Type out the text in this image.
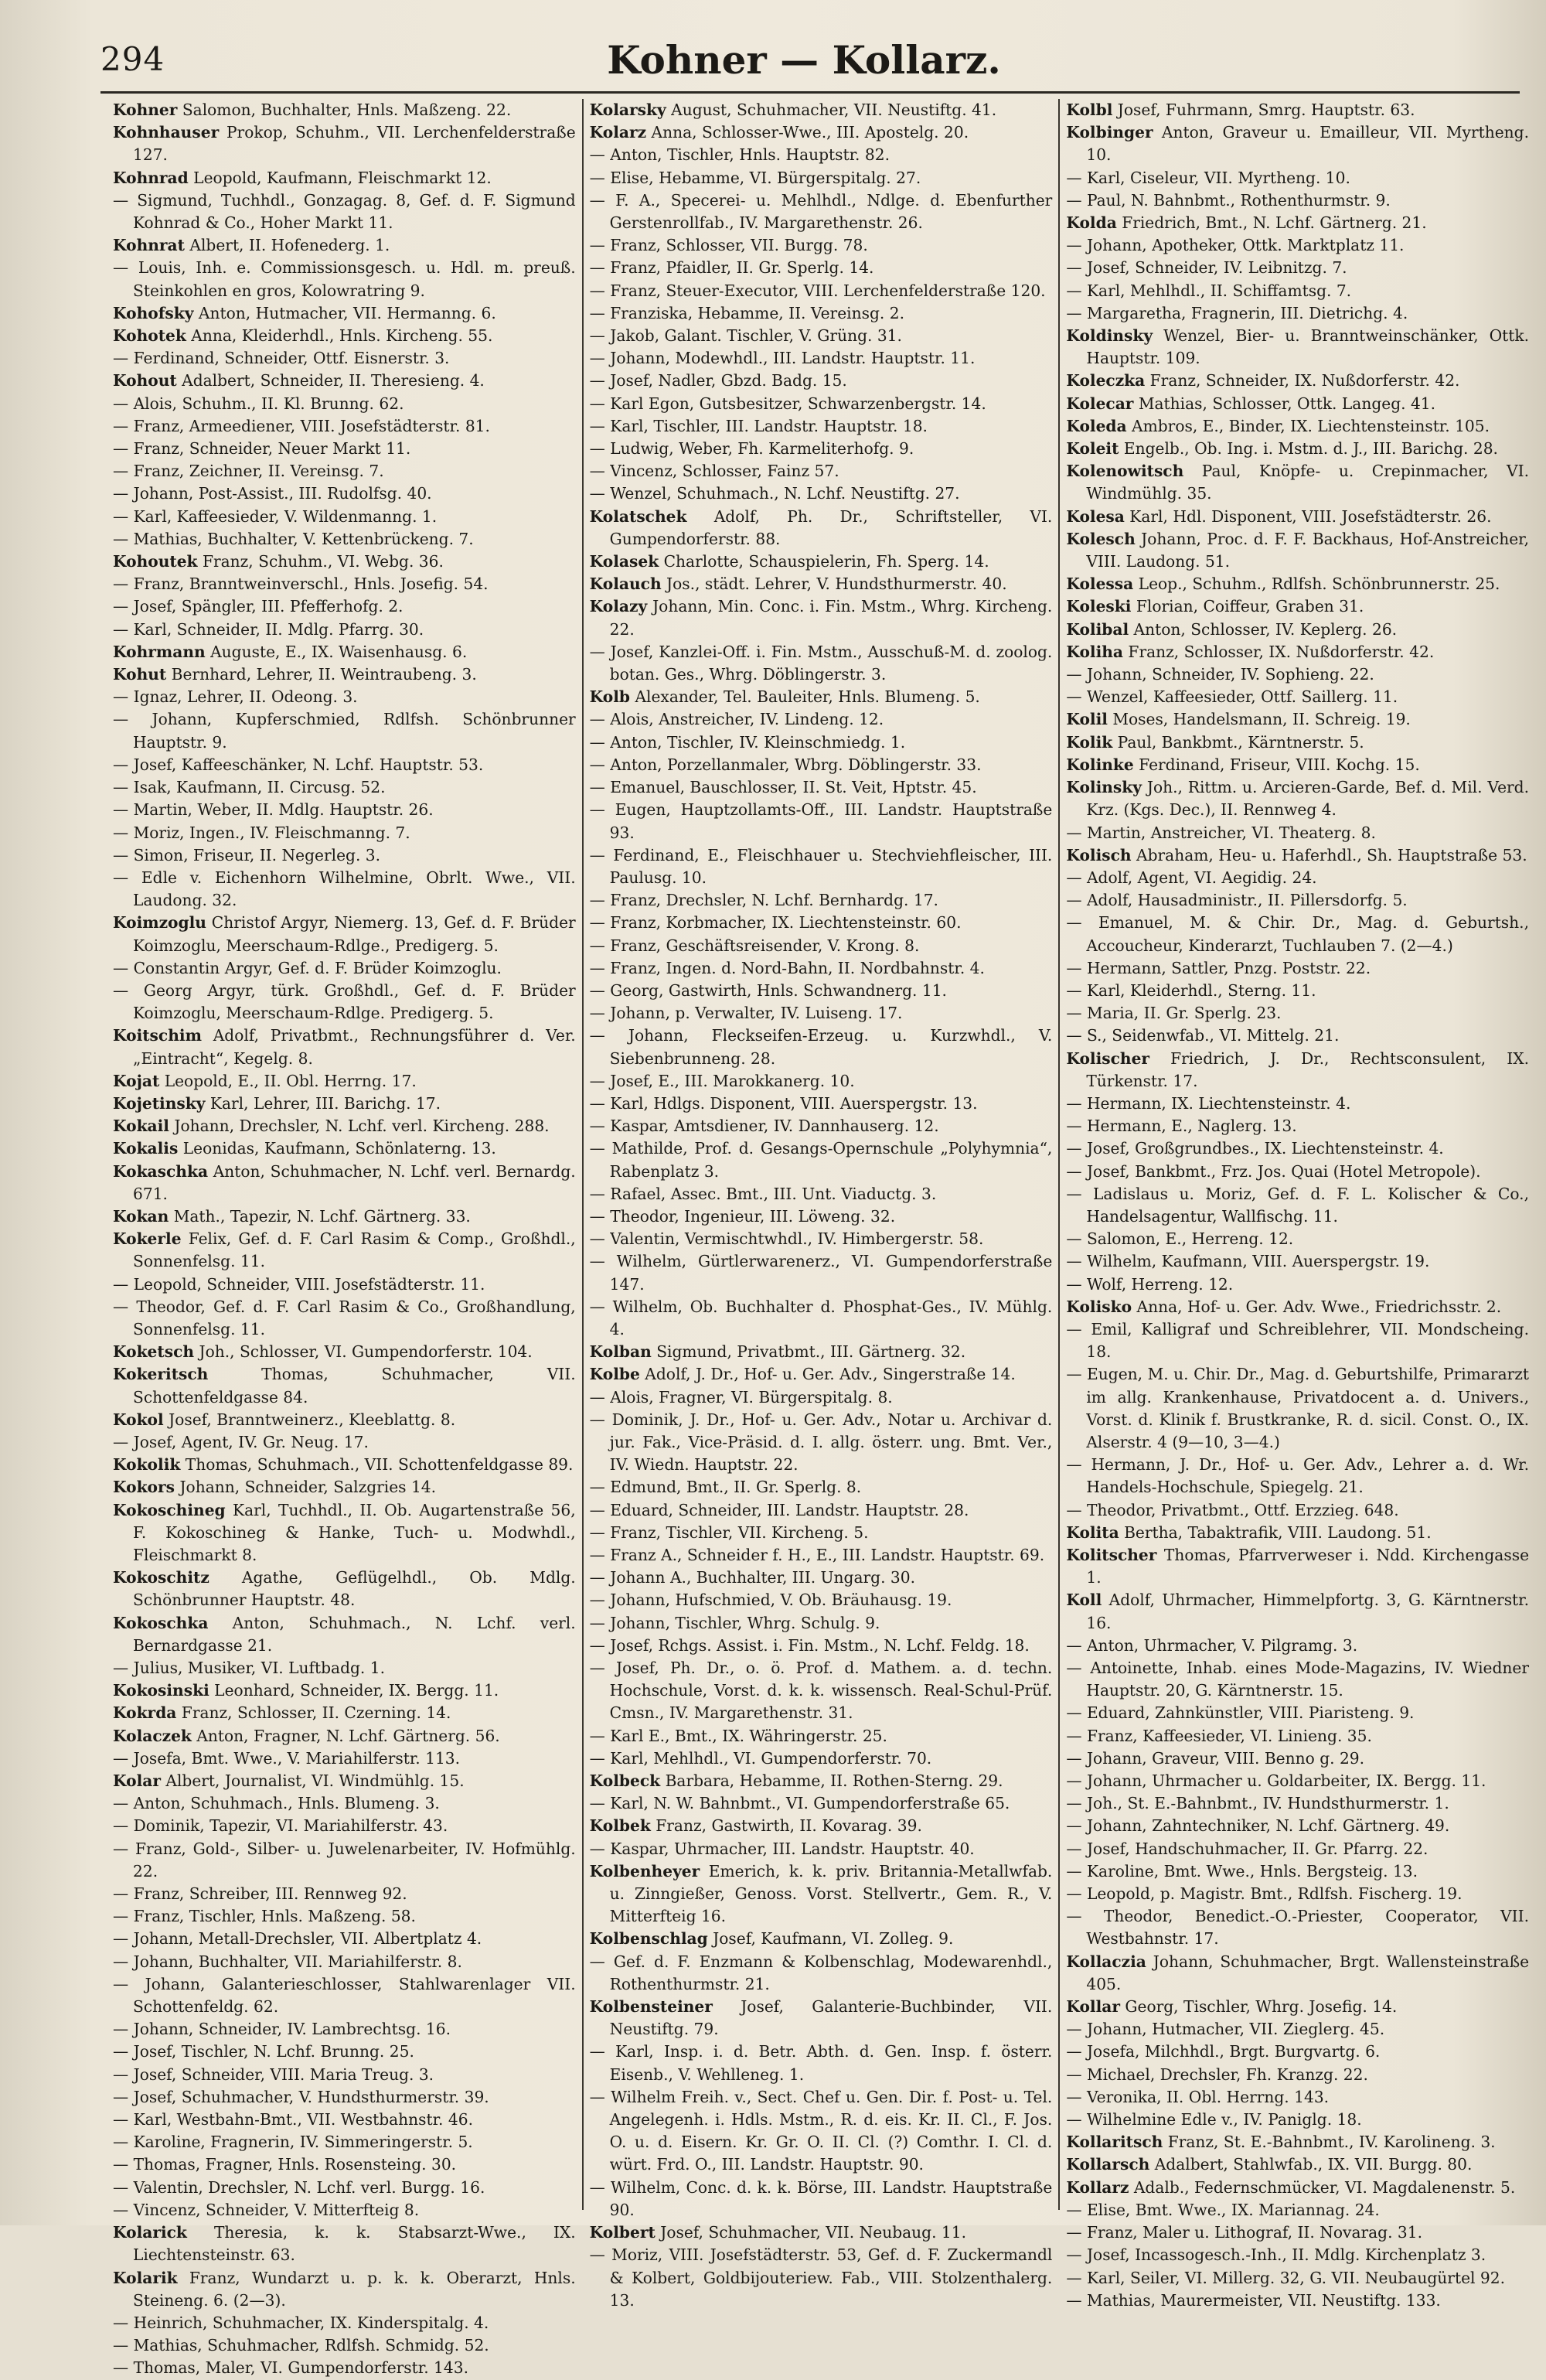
294	Kohner — Kollarz.
Kohner Salomon, Buchhalter, Hnls. Maßzeng. 22.
Kohnhauser Prokop, Schuhm., VII. Lerchenfelderstraße 127.
Kohnrad Leopold, Kaufmann, Fleischmarkt 12.
— Sigmund, Tuchhdl., Gonzagag. 8, Gef. d. F. Sigmund Kohnrad & Co., Hoher Markt 11.
Kohnrat Albert, II. Hofenederg. 1.
— Louis, Inh. e. Commissionsgesch. u. Hdl. m. preuß. Steinkohlen en gros, Kolowratring 9.
Kohofsky Anton, Hutmacher, VII. Hermanng. 6.
Kohotek Anna, Kleiderhdl., Hnls. Kircheng. 55.
— Ferdinand, Schneider, Ottf. Eisnerstr. 3.
Kohout Adalbert, Schneider, II. Theresieng. 4.
— Alois, Schuhm., II. Kl. Brunng. 62.
— Franz, Armeediener, VIII. Josefstädterstr. 81.
— Franz, Schneider, Neuer Markt 11.
— Franz, Zeichner, II. Vereinsg. 7.
— Johann, Post-Assist., III. Rudolfsg. 40.
— Karl, Kaffeesieder, V. Wildenmanng. 1.
— Mathias, Buchhalter, V. Kettenbrückeng. 7.
Kohoutek Franz, Schuhm., VI. Webg. 36.
— Franz, Branntweinverschl., Hnls. Josefig. 54.
— Josef, Spängler, III. Pfefferhofg. 2.
— Karl, Schneider, II. Mdlg. Pfarrg. 30.
Kohrmann Auguste, E., IX. Waisenhausg. 6.
Kohut Bernhard, Lehrer, II. Weintraubeng. 3.
— Ignaz, Lehrer, II. Odeong. 3.
— Johann, Kupferschmied, Rdlfsh. Schönbrunner Hauptstr. 9.
— Josef, Kaffeeschänker, N. Lchf. Hauptstr. 53.
— Isak, Kaufmann, II. Circusg. 52.
— Martin, Weber, II. Mdlg. Hauptstr. 26.
— Moriz, Ingen., IV. Fleischmanng. 7.
— Simon, Friseur, II. Negerleg. 3.
— Edle v. Eichenhorn Wilhelmine, Obrlt. Wwe., VII. Laudong. 32.
Koimzoglu Christof Argyr, Niemerg. 13, Gef. d. F. Brüder Koimzoglu, Meerschaum-Rdlge., Predigerg. 5.
— Constantin Argyr, Gef. d. F. Brüder Koimzoglu.
— Georg Argyr, türk. Großhdl., Gef. d. F. Brüder Koimzoglu, Meerschaum-Rdlge. Predigerg. 5.
Koitschim Adolf, Privatbmt., Rechnungsführer d. Ver. „Eintracht“, Kegelg. 8.
Kojat Leopold, E., II. Obl. Herrng. 17.
Kojetinsky Karl, Lehrer, III. Barichg. 17.
Kokail Johann, Drechsler, N. Lchf. verl. Kircheng. 288.
Kokalis Leonidas, Kaufmann, Schönlaterng. 13.
Kokaschka Anton, Schuhmacher, N. Lchf. verl. Bernardg. 671.
Kokan Math., Tapezir, N. Lchf. Gärtnerg. 33.
Kokerle Felix, Gef. d. F. Carl Rasim & Comp., Großhdl., Sonnenfelsg. 11.
— Leopold, Schneider, VIII. Josefstädterstr. 11.
— Theodor, Gef. d. F. Carl Rasim & Co., Großhandlung, Sonnenfelsg. 11.
Koketsch Joh., Schlosser, VI. Gumpendorferstr. 104.
Kokeritsch Thomas, Schuhmacher, VII. Schottenfeldgasse 84.
Kokol Josef, Branntweinerz., Kleeblattg. 8.
— Josef, Agent, IV. Gr. Neug. 17.
Kokolik Thomas, Schuhmach., VII. Schottenfeldgasse 89.
Kokors Johann, Schneider, Salzgries 14.
Kokoschineg Karl, Tuchhdl., II. Ob. Augartenstraße 56, F. Kokoschineg & Hanke, Tuch- u. Modwhdl., Fleischmarkt 8.
Kokoschitz Agathe, Geflügelhdl., Ob. Mdlg. Schönbrunner Hauptstr. 48.
Kokoschka Anton, Schuhmach., N. Lchf. verl. Bernardgasse 21.
— Julius, Musiker, VI. Luftbadg. 1.
Kokosinski Leonhard, Schneider, IX. Bergg. 11.
Kokrda Franz, Schlosser, II. Czerning. 14.
Kolaczek Anton, Fragner, N. Lchf. Gärtnerg. 56.
— Josefa, Bmt. Wwe., V. Mariahilferstr. 113.
Kolar Albert, Journalist, VI. Windmühlg. 15.
— Anton, Schuhmach., Hnls. Blumeng. 3.
— Dominik, Tapezir, VI. Mariahilferstr. 43.
— Franz, Gold-, Silber- u. Juwelenarbeiter, IV. Hofmühlg. 22.
— Franz, Schreiber, III. Rennweg 92.
— Franz, Tischler, Hnls. Maßzeng. 58.
— Johann, Metall-Drechsler, VII. Albertplatz 4.
— Johann, Buchhalter, VII. Mariahilferstr. 8.
— Johann, Galanterieschlosser, Stahlwarenlager VII. Schottenfeldg. 62.
— Johann, Schneider, IV. Lambrechtsg. 16.
— Josef, Tischler, N. Lchf. Brunng. 25.
— Josef, Schneider, VIII. Maria Treug. 3.
— Josef, Schuhmacher, V. Hundsthurmerstr. 39.
— Karl, Westbahn-Bmt., VII. Westbahnstr. 46.
— Karoline, Fragnerin, IV. Simmeringerstr. 5.
— Thomas, Fragner, Hnls. Rosensteing. 30.
— Valentin, Drechsler, N. Lchf. verl. Burgg. 16.
— Vincenz, Schneider, V. Mitterfteig 8.
Kolarick Theresia, k. k. Stabsarzt-Wwe., IX. Liechtensteinstr. 63.
Kolarik Franz, Wundarzt u. p. k. k. Oberarzt, Hnls. Steineng. 6. (2—3).
— Heinrich, Schuhmacher, IX. Kinderspitalg. 4.
— Mathias, Schuhmacher, Rdlfsh. Schmidg. 52.
— Thomas, Maler, VI. Gumpendorferstr. 143.
Kolarsky August, Schuhmacher, VII. Neustiftg. 41.
Kolarz Anna, Schlosser-Wwe., III. Apostelg. 20.
— Anton, Tischler, Hnls. Hauptstr. 82.
— Elise, Hebamme, VI. Bürgerspitalg. 27.
— F. A., Specerei- u. Mehlhdl., Ndlge. d. Ebenfurther Gerstenrollfab., IV. Margarethenstr. 26.
— Franz, Schlosser, VII. Burgg. 78.
— Franz, Pfaidler, II. Gr. Sperlg. 14.
— Franz, Steuer-Executor, VIII. Lerchenfelderstraße 120.
— Franziska, Hebamme, II. Vereinsg. 2.
— Jakob, Galant. Tischler, V. Grüng. 31.
— Johann, Modewhdl., III. Landstr. Hauptstr. 11.
— Josef, Nadler, Gbzd. Badg. 15.
— Karl Egon, Gutsbesitzer, Schwarzenbergstr. 14.
— Karl, Tischler, III. Landstr. Hauptstr. 18.
— Ludwig, Weber, Fh. Karmeliterhofg. 9.
— Vincenz, Schlosser, Fainz 57.
— Wenzel, Schuhmach., N. Lchf. Neustiftg. 27.
Kolatschek Adolf, Ph. Dr., Schriftsteller, VI. Gumpendorferstr. 88.
Kolasek Charlotte, Schauspielerin, Fh. Sperg. 14.
Kolauch Jos., städt. Lehrer, V. Hundsthurmerstr. 40.
Kolazy Johann, Min. Conc. i. Fin. Mstm., Whrg. Kircheng. 22.
— Josef, Kanzlei-Off. i. Fin. Mstm., Ausschuß-M. d. zoolog. botan. Ges., Whrg. Döblingerstr. 3.
Kolb Alexander, Tel. Bauleiter, Hnls. Blumeng. 5.
— Alois, Anstreicher, IV. Lindeng. 12.
— Anton, Tischler, IV. Kleinschmiedg. 1.
— Anton, Porzellanmaler, Wbrg. Döblingerstr. 33.
— Emanuel, Bauschlosser, II. St. Veit, Hptstr. 45.
— Eugen, Hauptzollamts-Off., III. Landstr. Hauptstraße 93.
— Ferdinand, E., Fleischhauer u. Stechviehfleischer, III. Paulusg. 10.
— Franz, Drechsler, N. Lchf. Bernhardg. 17.
— Franz, Korbmacher, IX. Liechtensteinstr. 60.
— Franz, Geschäftsreisender, V. Krong. 8.
— Franz, Ingen. d. Nord-Bahn, II. Nordbahnstr. 4.
— Georg, Gastwirth, Hnls. Schwandnerg. 11.
— Johann, p. Verwalter, IV. Luiseng. 17.
— Johann, Fleckseifen-Erzeug. u. Kurzwhdl., V. Siebenbrunneng. 28.
— Josef, E., III. Marokkanerg. 10.
— Karl, Hdlgs. Disponent, VIII. Auerspergstr. 13.
— Kaspar, Amtsdiener, IV. Dannhauserg. 12.
— Mathilde, Prof. d. Gesangs-Opernschule „Polyhymnia“, Rabenplatz 3.
— Rafael, Assec. Bmt., III. Unt. Viaductg. 3.
— Theodor, Ingenieur, III. Löweng. 32.
— Valentin, Vermischtwhdl., IV. Himbergerstr. 58.
— Wilhelm, Gürtlerwarenerz., VI. Gumpendorferstraße 147.
— Wilhelm, Ob. Buchhalter d. Phosphat-Ges., IV. Mühlg. 4.
Kolban Sigmund, Privatbmt., III. Gärtnerg. 32.
Kolbe Adolf, J. Dr., Hof- u. Ger. Adv., Singerstraße 14.
— Alois, Fragner, VI. Bürgerspitalg. 8.
— Dominik, J. Dr., Hof- u. Ger. Adv., Notar u. Archivar d. jur. Fak., Vice-Präsid. d. I. allg. österr. ung. Bmt. Ver., IV. Wiedn. Hauptstr. 22.
— Edmund, Bmt., II. Gr. Sperlg. 8.
— Eduard, Schneider, III. Landstr. Hauptstr. 28.
— Franz, Tischler, VII. Kircheng. 5.
— Franz A., Schneider f. H., E., III. Landstr. Hauptstr. 69.
— Johann A., Buchhalter, III. Ungarg. 30.
— Johann, Hufschmied, V. Ob. Bräuhausg. 19.
— Johann, Tischler, Whrg. Schulg. 9.
— Josef, Rchgs. Assist. i. Fin. Mstm., N. Lchf. Feldg. 18.
— Josef, Ph. Dr., o. ö. Prof. d. Mathem. a. d. techn. Hochschule, Vorst. d. k. k. wissensch. Real-Schul-Prüf. Cmsn., IV. Margarethenstr. 31.
— Karl E., Bmt., IX. Währingerstr. 25.
— Karl, Mehlhdl., VI. Gumpendorferstr. 70.
Kolbeck Barbara, Hebamme, II. Rothen-Sterng. 29.
— Karl, N. W. Bahnbmt., VI. Gumpendorferstraße 65.
Kolbek Franz, Gastwirth, II. Kovarag. 39.
— Kaspar, Uhrmacher, III. Landstr. Hauptstr. 40.
Kolbenheyer Emerich, k. k. priv. Britannia-Metallwfab. u. Zinngießer, Genoss. Vorst. Stellvertr., Gem. R., V. Mitterfteig 16.
Kolbenschlag Josef, Kaufmann, VI. Zolleg. 9.
— Gef. d. F. Enzmann & Kolbenschlag, Modewarenhdl., Rothenthurmstr. 21.
Kolbensteiner Josef, Galanterie-Buchbinder, VII. Neustiftg. 79.
— Karl, Insp. i. d. Betr. Abth. d. Gen. Insp. f. österr. Eisenb., V. Wehlleneg. 1.
— Wilhelm Freih. v., Sect. Chef u. Gen. Dir. f. Post- u. Tel. Angelegenh. i. Hdls. Mstm., R. d. eis. Kr. II. Cl., F. Jos. O. u. d. Eisern. Kr. Gr. O. II. Cl. (?) Comthr. I. Cl. d. würt. Frd. O., III. Landstr. Hauptstr. 90.
— Wilhelm, Conc. d. k. k. Börse, III. Landstr. Hauptstraße 90.
Kolbert Josef, Schuhmacher, VII. Neubaug. 11.
— Moriz, VIII. Josefstädterstr. 53, Gef. d. F. Zuckermandl & Kolbert, Goldbijouteriew. Fab., VIII. Stolzenthalerg. 13.
Kolbl Josef, Fuhrmann, Smrg. Hauptstr. 63.
Kolbinger Anton, Graveur u. Emailleur, VII. Myrtheng. 10.
— Karl, Ciseleur, VII. Myrtheng. 10.
— Paul, N. Bahnbmt., Rothenthurmstr. 9.
Kolda Friedrich, Bmt., N. Lchf. Gärtnerg. 21.
— Johann, Apotheker, Ottk. Marktplatz 11.
— Josef, Schneider, IV. Leibnitzg. 7.
— Karl, Mehlhdl., II. Schiffamtsg. 7.
— Margaretha, Fragnerin, III. Dietrichg. 4.
Koldinsky Wenzel, Bier- u. Branntweinschänker, Ottk. Hauptstr. 109.
Koleczka Franz, Schneider, IX. Nußdorferstr. 42.
Kolecar Mathias, Schlosser, Ottk. Langeg. 41.
Koleda Ambros, E., Binder, IX. Liechtensteinstr. 105.
Koleit Engelb., Ob. Ing. i. Mstm. d. J., III. Barichg. 28.
Kolenowitsch Paul, Knöpfe- u. Crepinmacher, VI. Windmühlg. 35.
Kolesa Karl, Hdl. Disponent, VIII. Josefstädterstr. 26.
Kolesch Johann, Proc. d. F. F. Backhaus, Hof-Anstreicher, VIII. Laudong. 51.
Kolessa Leop., Schuhm., Rdlfsh. Schönbrunnerstr. 25.
Koleski Florian, Coiffeur, Graben 31.
Kolibal Anton, Schlosser, IV. Keplerg. 26.
Koliha Franz, Schlosser, IX. Nußdorferstr. 42.
— Johann, Schneider, IV. Sophieng. 22.
— Wenzel, Kaffeesieder, Ottf. Saillerg. 11.
Kolil Moses, Handelsmann, II. Schreig. 19.
Kolik Paul, Bankbmt., Kärntnerstr. 5.
Kolinke Ferdinand, Friseur, VIII. Kochg. 15.
Kolinsky Joh., Rittm. u. Arcieren-Garde, Bef. d. Mil. Verd. Krz. (Kgs. Dec.), II. Rennweg 4.
— Martin, Anstreicher, VI. Theaterg. 8.
Kolisch Abraham, Heu- u. Haferhdl., Sh. Hauptstraße 53.
— Adolf, Agent, VI. Aegidig. 24.
— Adolf, Hausadministr., II. Pillersdorfg. 5.
— Emanuel, M. & Chir. Dr., Mag. d. Geburtsh., Accoucheur, Kinderarzt, Tuchlauben 7. (2—4.)
— Hermann, Sattler, Pnzg. Poststr. 22.
— Karl, Kleiderhdl., Sterng. 11.
— Maria, II. Gr. Sperlg. 23.
— S., Seidenwfab., VI. Mittelg. 21.
Kolischer Friedrich, J. Dr., Rechtsconsulent, IX. Türkenstr. 17.
— Hermann, IX. Liechtensteinstr. 4.
— Hermann, E., Naglerg. 13.
— Josef, Großgrundbes., IX. Liechtensteinstr. 4.
— Josef, Bankbmt., Frz. Jos. Quai (Hotel Metropole).
— Ladislaus u. Moriz, Gef. d. F. L. Kolischer & Co., Handelsagentur, Wallfischg. 11.
— Salomon, E., Herreng. 12.
— Wilhelm, Kaufmann, VIII. Auerspergstr. 19.
— Wolf, Herreng. 12.
Kolisko Anna, Hof- u. Ger. Adv. Wwe., Friedrichsstr. 2.
— Emil, Kalligraf und Schreiblehrer, VII. Mondscheing. 18.
— Eugen, M. u. Chir. Dr., Mag. d. Geburtshilfe, Primararzt im allg. Krankenhause, Privatdocent a. d. Univers., Vorst. d. Klinik f. Brustkranke, R. d. sicil. Const. O., IX. Alserstr. 4 (9—10, 3—4.)
— Hermann, J. Dr., Hof- u. Ger. Adv., Lehrer a. d. Wr. Handels-Hochschule, Spiegelg. 21.
— Theodor, Privatbmt., Ottf. Erzzieg. 648.
Kolita Bertha, Tabaktrafik, VIII. Laudong. 51.
Kolitscher Thomas, Pfarrverweser i. Ndd. Kirchengasse 1.
Koll Adolf, Uhrmacher, Himmelpfortg. 3, G. Kärntnerstr. 16.
— Anton, Uhrmacher, V. Pilgramg. 3.
— Antoinette, Inhab. eines Mode-Magazins, IV. Wiedner Hauptstr. 20, G. Kärntnerstr. 15.
— Eduard, Zahnkünstler, VIII. Piaristeng. 9.
— Franz, Kaffeesieder, VI. Linieng. 35.
— Johann, Graveur, VIII. Benno g. 29.
— Johann, Uhrmacher u. Goldarbeiter, IX. Bergg. 11.
— Joh., St. E.-Bahnbmt., IV. Hundsthurmerstr. 1.
— Johann, Zahntechniker, N. Lchf. Gärtnerg. 49.
— Josef, Handschuhmacher, II. Gr. Pfarrg. 22.
— Karoline, Bmt. Wwe., Hnls. Bergsteig. 13.
— Leopold, p. Magistr. Bmt., Rdlfsh. Fischerg. 19.
— Theodor, Benedict.-O.-Priester, Cooperator, VII. Westbahnstr. 17.
Kollaczia Johann, Schuhmacher, Brgt. Wallensteinstraße 405.
Kollar Georg, Tischler, Whrg. Josefig. 14.
— Johann, Hutmacher, VII. Zieglerg. 45.
— Josefa, Milchhdl., Brgt. Burgvartg. 6.
— Michael, Drechsler, Fh. Kranzg. 22.
— Veronika, II. Obl. Herrng. 143.
— Wilhelmine Edle v., IV. Paniglg. 18.
Kollaritsch Franz, St. E.-Bahnbmt., IV. Karolineng. 3.
Kollarsch Adalbert, Stahlwfab., IX. VII. Burgg. 80.
Kollarz Adalb., Federnschmücker, VI. Magdalenenstr. 5.
— Elise, Bmt. Wwe., IX. Mariannag. 24.
— Franz, Maler u. Lithograf, II. Novarag. 31.
— Josef, Incassogesch.-Inh., II. Mdlg. Kirchenplatz 3.
— Karl, Seiler, VI. Millerg. 32, G. VII. Neubaugürtel 92.
— Mathias, Maurermeister, VII. Neustiftg. 133.
